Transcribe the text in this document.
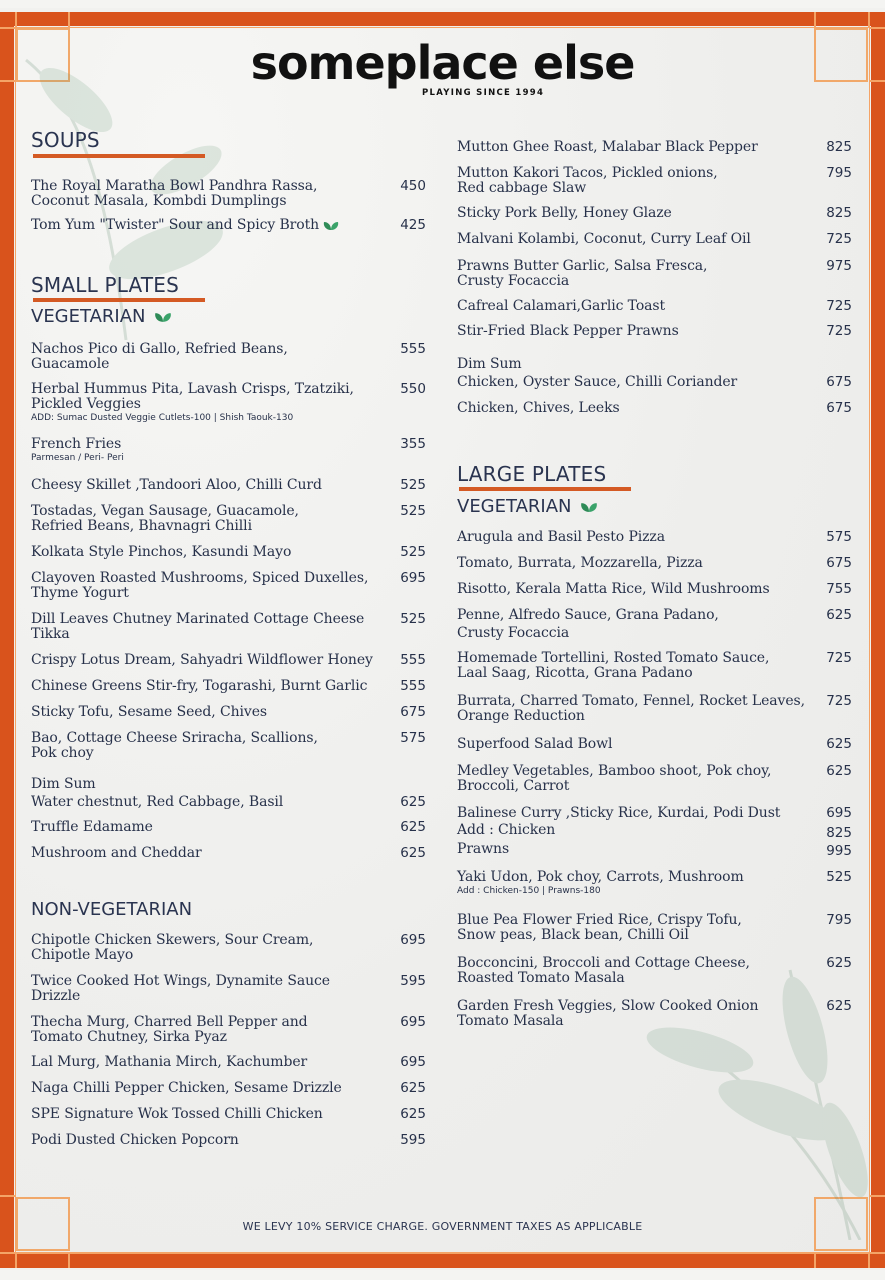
someplace else
PLAYING SINCE 1994
SOUPS
The Royal Maratha Bowl Pandhra Rassa,
Coconut Masala, Kombdi Dumplings
450
Tom Yum "Twister" Sour and Spicy Broth	425
SMALL PLATES
VEGETARIAN
Nachos Pico di Gallo, Refried Beans,
Guacamole
555
Herbal Hummus Pita, Lavash Crisps, Tzatziki,
Pickled Veggies
ADD: Sumac Dusted Veggie Cutlets-100 | Shish Taouk-130
550
French Fries
Parmesan / Peri- Peri
355
Cheesy Skillet ,Tandoori Aloo, Chilli Curd	525
Tostadas, Vegan Sausage, Guacamole,
Refried Beans, Bhavnagri Chilli
525
Kolkata Style Pinchos, Kasundi Mayo	525
Clayoven Roasted Mushrooms, Spiced Duxelles,
Thyme Yogurt
695
Dill Leaves Chutney Marinated Cottage Cheese
Tikka
525
Crispy Lotus Dream, Sahyadri Wildflower Honey	555
Chinese Greens Stir-fry, Togarashi, Burnt Garlic	555
Sticky Tofu, Sesame Seed, Chives	675
Bao, Cottage Cheese Sriracha, Scallions,
Pok choy
575
Dim Sum
Water chestnut, Red Cabbage, Basil	625
Truffle Edamame	625
Mushroom and Cheddar	625
NON-VEGETARIAN
Chipotle Chicken Skewers, Sour Cream,
Chipotle Mayo
695
Twice Cooked Hot Wings, Dynamite Sauce
Drizzle
595
Thecha Murg, Charred Bell Pepper and
Tomato Chutney, Sirka Pyaz
695
Lal Murg, Mathania Mirch, Kachumber	695
Naga Chilli Pepper Chicken, Sesame Drizzle	625
SPE Signature Wok Tossed Chilli Chicken	625
Podi Dusted Chicken Popcorn	595
Mutton Ghee Roast, Malabar Black Pepper	825
Mutton Kakori Tacos, Pickled onions,
Red cabbage Slaw
795
Sticky Pork Belly, Honey Glaze	825
Malvani Kolambi, Coconut, Curry Leaf Oil	725
Prawns Butter Garlic, Salsa Fresca,
Crusty Focaccia
975
Cafreal Calamari,Garlic Toast	725
Stir-Fried Black Pepper Prawns	725
Dim Sum
Chicken, Oyster Sauce, Chilli Coriander	675
Chicken, Chives, Leeks	675
LARGE PLATES
VEGETARIAN
Arugula and Basil Pesto Pizza	575
Tomato, Burrata, Mozzarella, Pizza	675
Risotto, Kerala Matta Rice, Wild Mushrooms	755
Penne, Alfredo Sauce, Grana Padano,
Crusty Focaccia
625
Homemade Tortellini, Rosted Tomato Sauce,
Laal Saag, Ricotta, Grana Padano
725
Burrata, Charred Tomato, Fennel, Rocket Leaves,
Orange Reduction
725
Superfood Salad Bowl	625
Medley Vegetables, Bamboo shoot, Pok choy,
Broccoli, Carrot
625
Balinese Curry ,Sticky Rice, Kurdai, Podi Dust	695
Add : Chicken	825
Prawns	995
Yaki Udon, Pok choy, Carrots, Mushroom
Add : Chicken-150 | Prawns-180
525
Blue Pea Flower Fried Rice, Crispy Tofu,
Snow peas, Black bean, Chilli Oil
795
Bocconcini, Broccoli and Cottage Cheese,
Roasted Tomato Masala
625
Garden Fresh Veggies, Slow Cooked Onion
Tomato Masala
625
WE LEVY 10% SERVICE CHARGE. GOVERNMENT TAXES AS APPLICABLE
